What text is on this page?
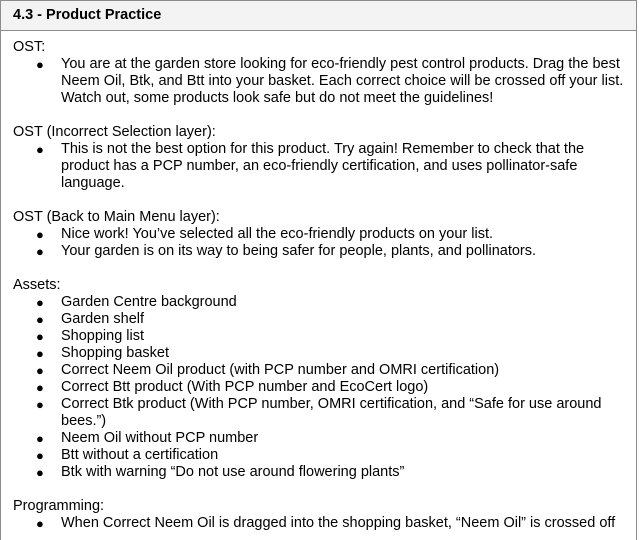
4.3 - Product Practice

OST:

● You are at the garden store looking for eco-friendly pest control products. Drag the best Neem Oil, Btk, and Btt into your basket. Each correct choice will be crossed off your list. Watch out, some products look safe but do not meet the guidelines!

OST (Incorrect Selection layer):

● This is not the best option for this product. Try again! Remember to check that the product has a PCP number, an eco-friendly certification, and uses pollinator-safe language.

OST (Back to Main Menu layer):

● Nice work! You’ve selected all the eco-friendly products on your list.
● Your garden is on its way to being safer for people, plants, and pollinators.

Assets:

● Garden Centre background
● Garden shelf
● Shopping list
● Shopping basket
● Correct Neem Oil product (with PCP number and OMRI certification)
● Correct Btt product (With PCP number and EcoCert logo)
● Correct Btk product (With PCP number, OMRI certification, and “Safe for use around bees.”)
● Neem Oil without PCP number
● Btt without a certification
● Btk with warning “Do not use around flowering plants”

Programming:

● When Correct Neem Oil is dragged into the shopping basket, “Neem Oil” is crossed off
